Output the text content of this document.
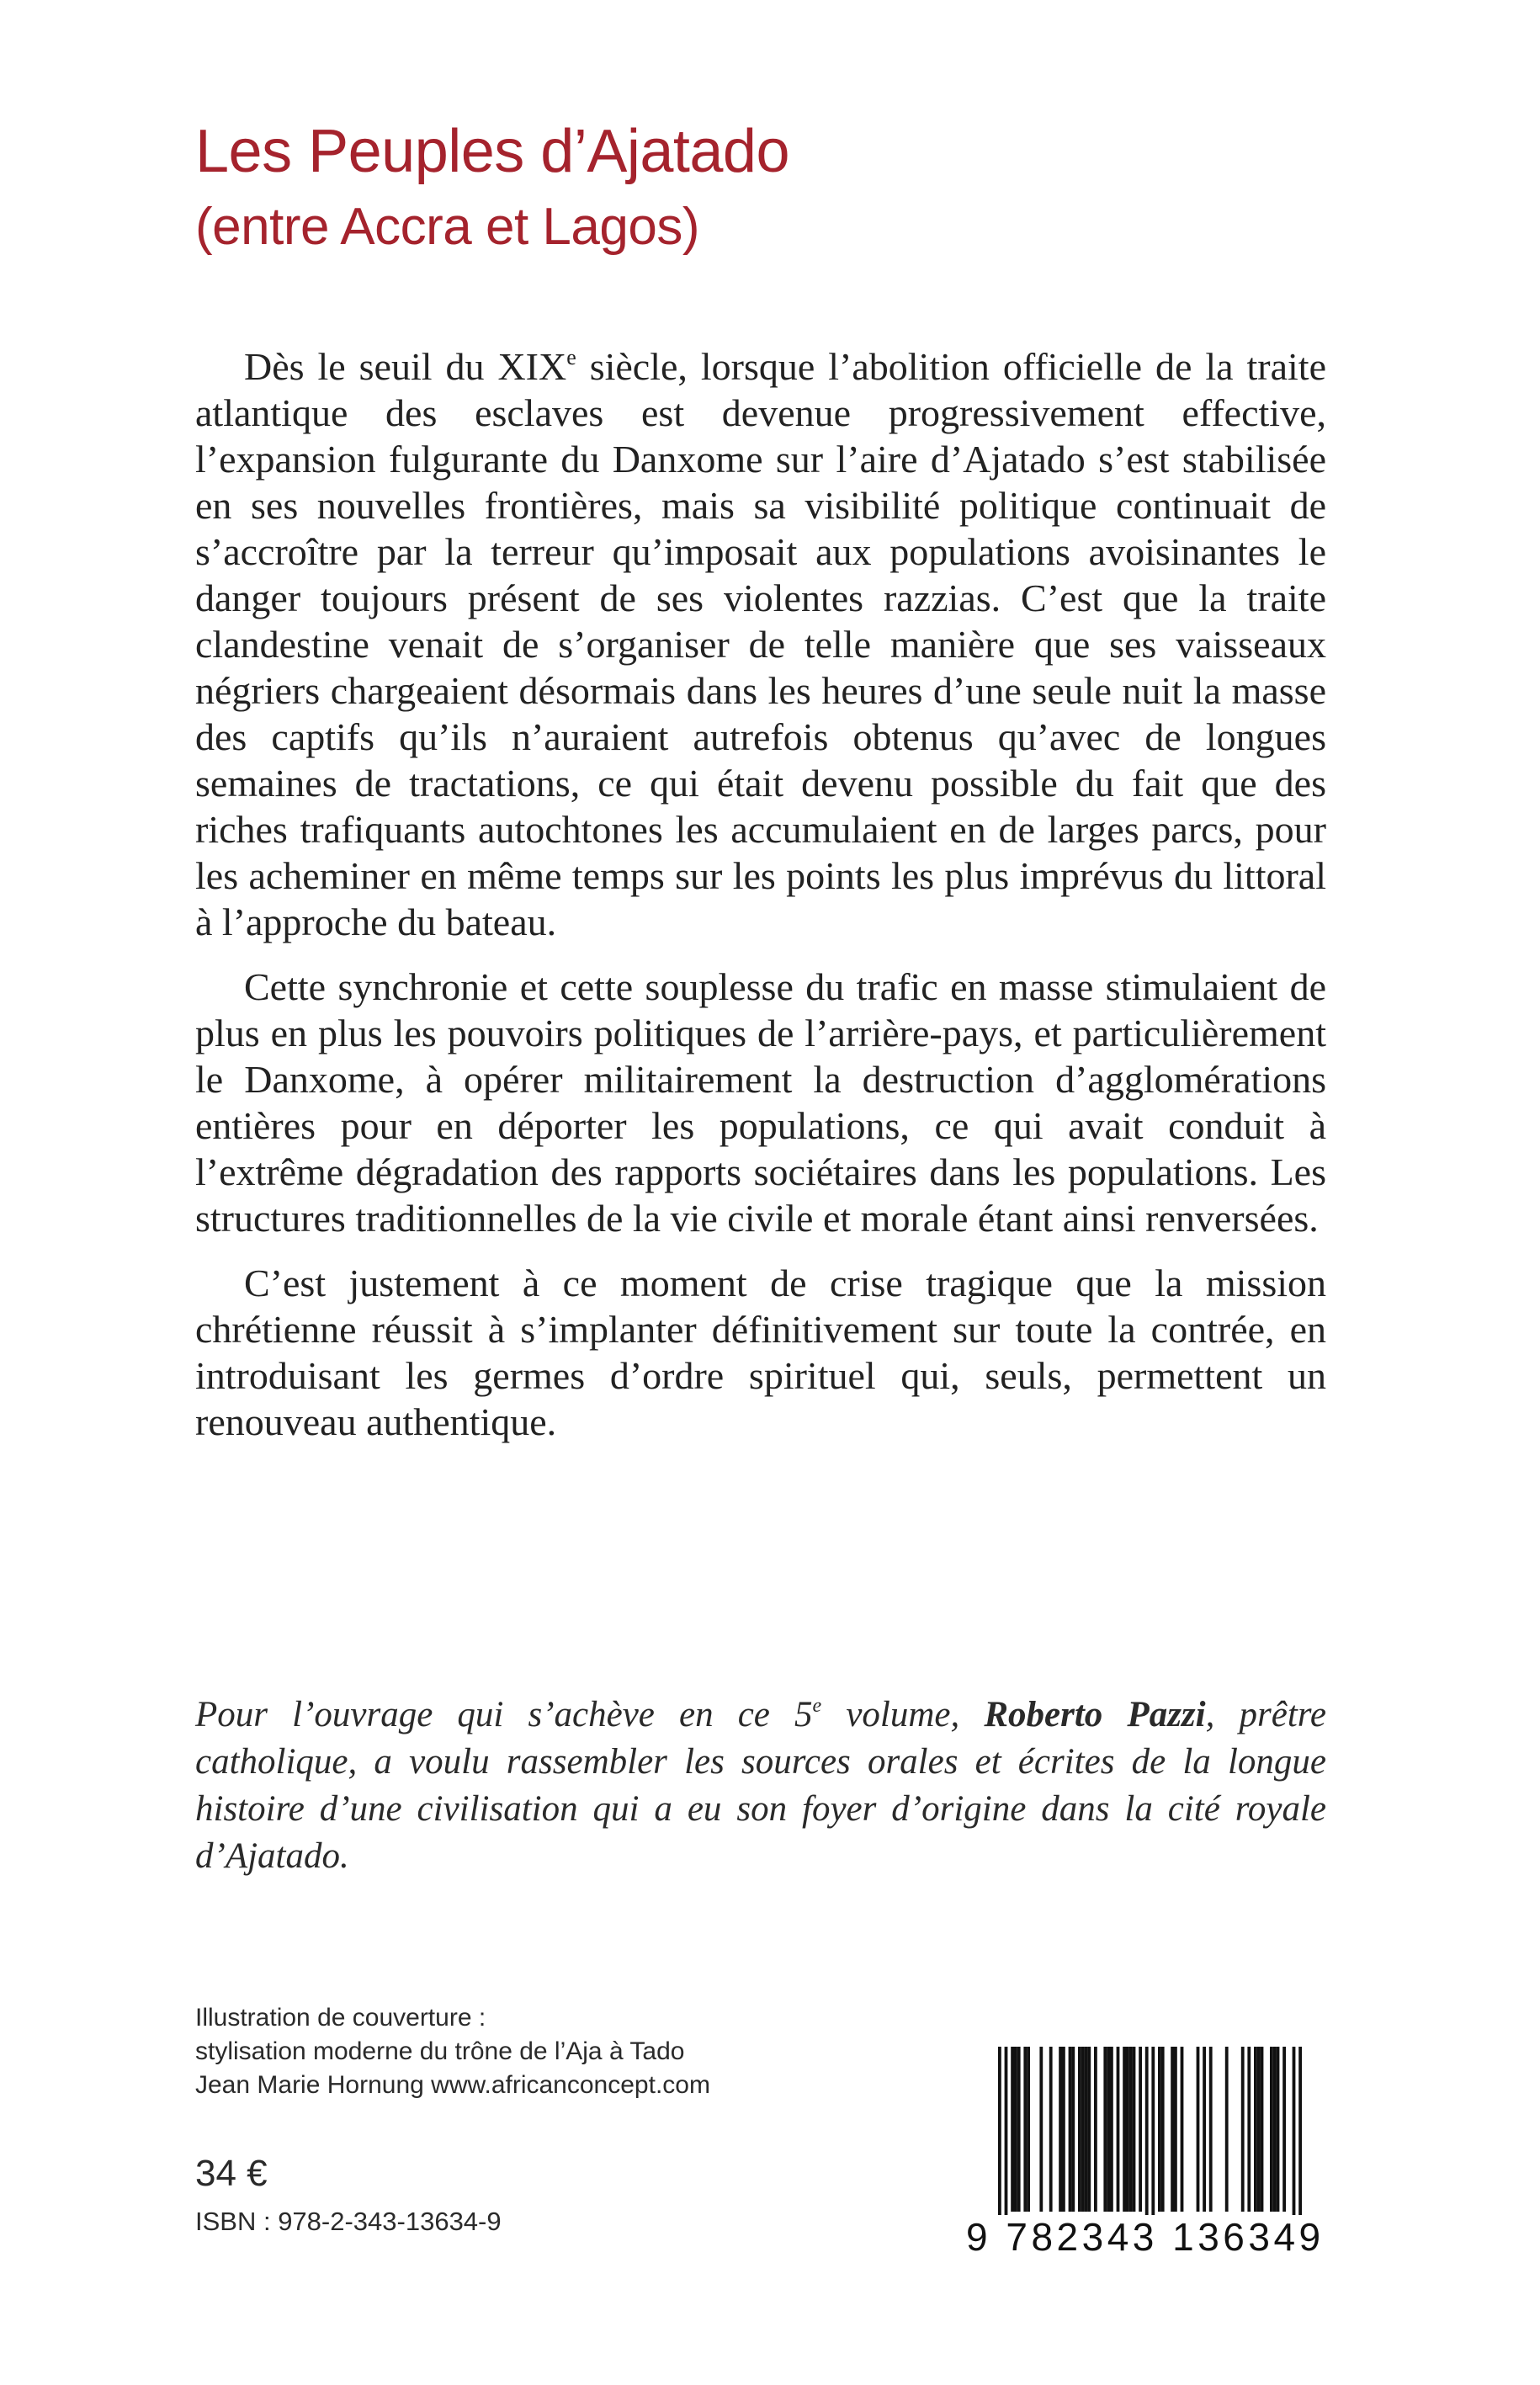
Les Peuples d’Ajatado
(entre Accra et Lagos)

Dès le seuil du XIXe siècle, lorsque l’abolition officielle de la traite atlantique des esclaves est devenue progressivement effective, l’expansion fulgurante du Danxome sur l’aire d’Ajatado s’est stabilisée en ses nouvelles frontières, mais sa visibilité politique continuait de s’accroître par la terreur qu’imposait aux populations avoisinantes le danger toujours présent de ses violentes razzias. C’est que la traite clandestine venait de s’organiser de telle manière que ses vaisseaux négriers chargeaient désormais dans les heures d’une seule nuit la masse des captifs qu’ils n’auraient autrefois obtenus qu’avec de longues semaines de tractations, ce qui était devenu possible du fait que des riches trafiquants autochtones les accumulaient en de larges parcs, pour les acheminer en même temps sur les points les plus imprévus du littoral à l’approche du bateau.

Cette synchronie et cette souplesse du trafic en masse stimulaient de plus en plus les pouvoirs politiques de l’arrière-pays, et particulièrement le Danxome, à opérer militairement la destruction d’agglomérations entières pour en déporter les populations, ce qui avait conduit à l’extrême dégradation des rapports sociétaires dans les populations. Les structures traditionnelles de la vie civile et morale étant ainsi renversées.

C’est justement à ce moment de crise tragique que la mission chrétienne réussit à s’implanter définitivement sur toute la contrée, en introduisant les germes d’ordre spirituel qui, seuls, permettent un renouveau authentique.

Pour l’ouvrage qui s’achève en ce 5e volume, Roberto Pazzi, prêtre catholique, a voulu rassembler les sources orales et écrites de la longue histoire d’une civilisation qui a eu son foyer d’origine dans la cité royale d’Ajatado.

Illustration de couverture :
stylisation moderne du trône de l’Aja à Tado
Jean Marie Hornung www.africanconcept.com
34 €
ISBN : 978-2-343-13634-9	9 782343 136349
